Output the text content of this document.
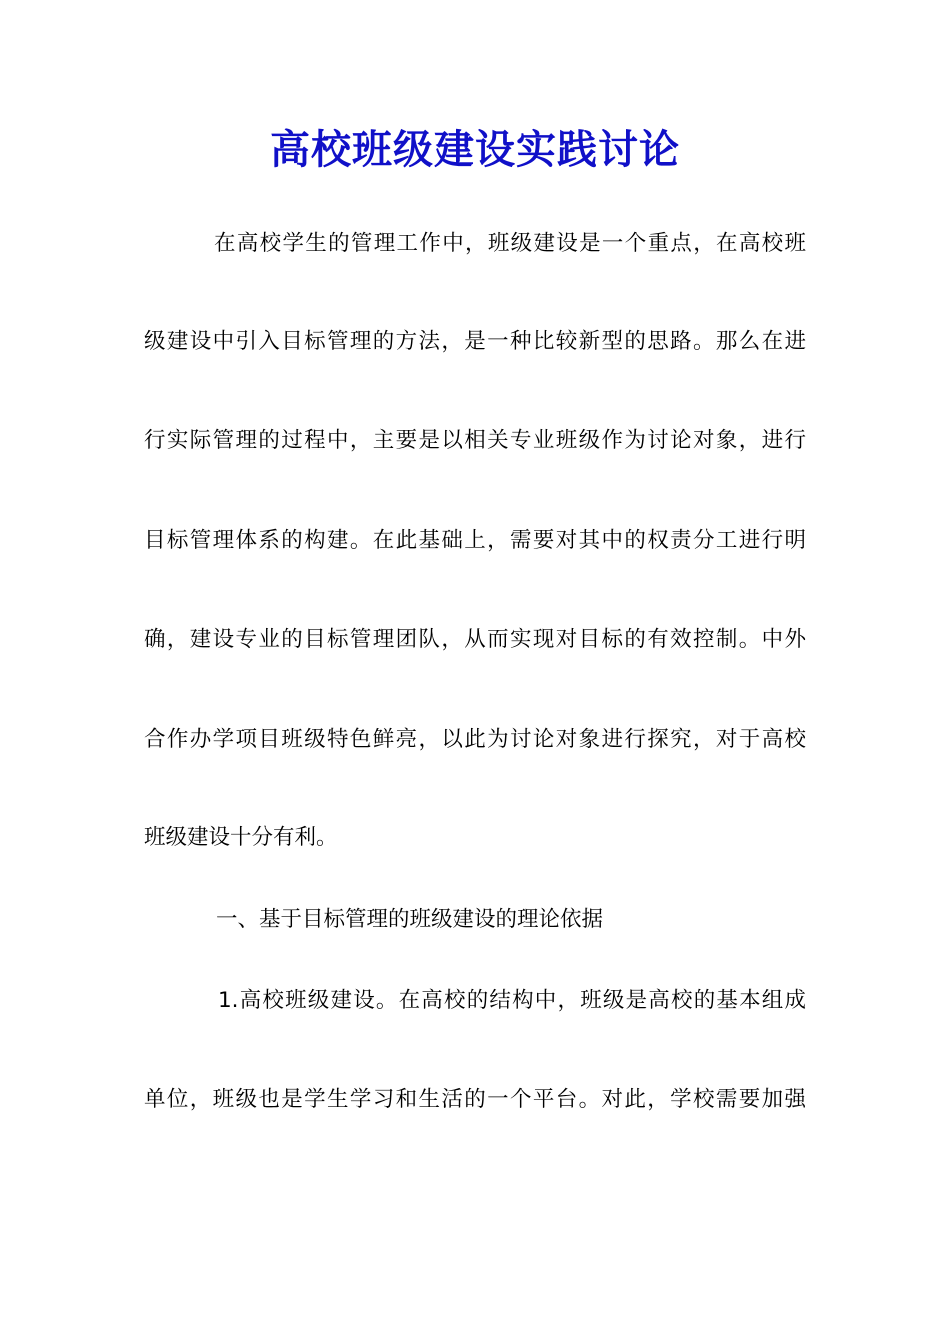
高校班级建设实践讨论

在高校学生的管理工作中，班级建设是一个重点，在高校班

级建设中引入目标管理的方法，是一种比较新型的思路。那么在进

行实际管理的过程中，主要是以相关专业班级作为讨论对象，进行

目标管理体系的构建。在此基础上，需要对其中的权责分工进行明

确，建设专业的目标管理团队，从而实现对目标的有效控制。中外

合作办学项目班级特色鲜亮，以此为讨论对象进行探究，对于高校

班级建设十分有利。

一、基于目标管理的班级建设的理论依据

1.高校班级建设。在高校的结构中，班级是高校的基本组成

单位，班级也是学生学习和生活的一个平台。对此，学校需要加强
